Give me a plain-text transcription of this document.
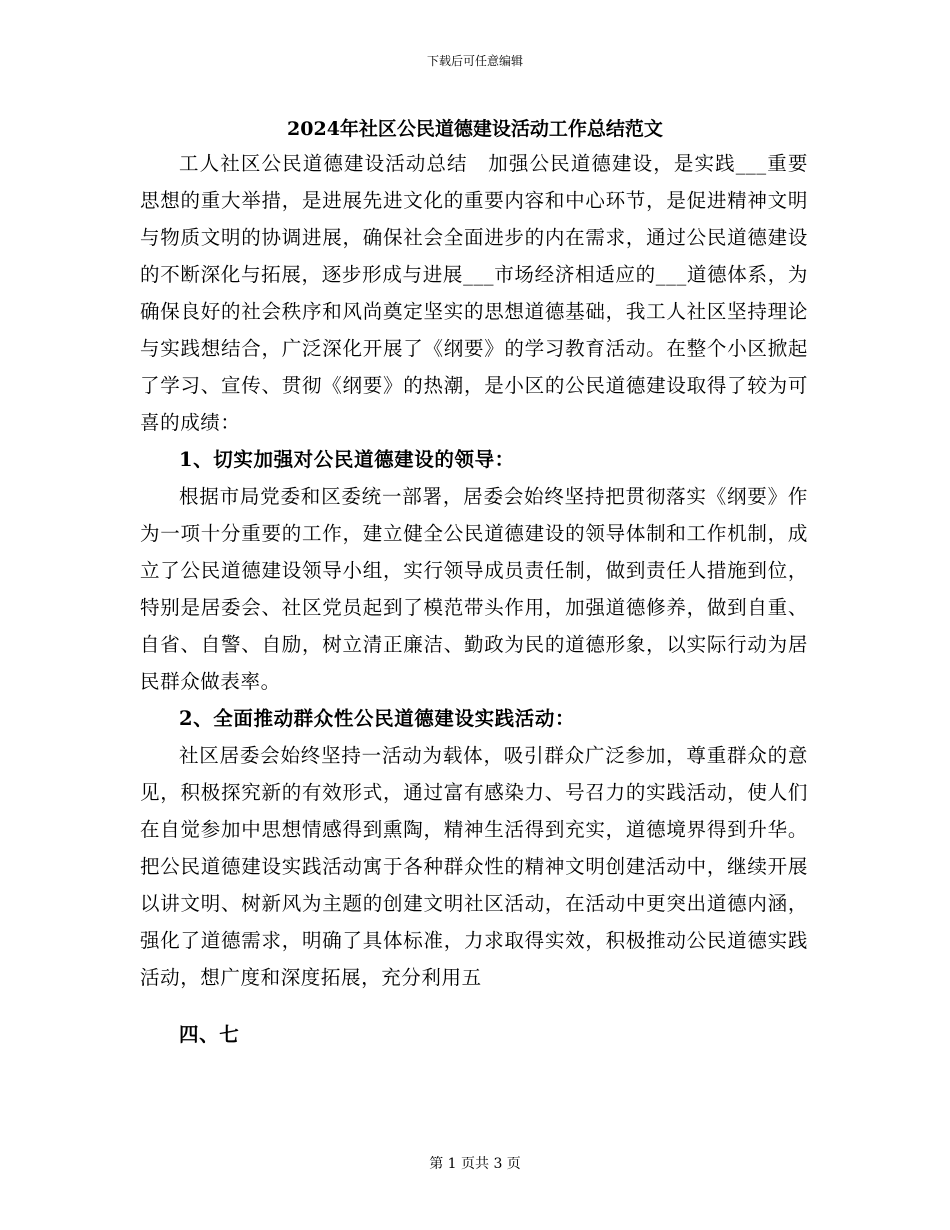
下载后可任意编辑
2024年社区公民道德建设活动工作总结范文

工人社区公民道德建设活动总结　加强公民道德建设，是实践___重要思想的重大举措，是进展先进文化的重要内容和中心环节，是促进精神文明与物质文明的协调进展，确保社会全面进步的内在需求，通过公民道德建设的不断深化与拓展，逐步形成与进展___市场经济相适应的___道德体系，为确保良好的社会秩序和风尚奠定坚实的思想道德基础，我工人社区坚持理论与实践想结合，广泛深化开展了《纲要》的学习教育活动。在整个小区掀起了学习、宣传、贯彻《纲要》的热潮，是小区的公民道德建设取得了较为可喜的成绩：

1、切实加强对公民道德建设的领导：

根据市局党委和区委统一部署，居委会始终坚持把贯彻落实《纲要》作为一项十分重要的工作，建立健全公民道德建设的领导体制和工作机制，成立了公民道德建设领导小组，实行领导成员责任制，做到责任人措施到位，特别是居委会、社区党员起到了模范带头作用，加强道德修养，做到自重、自省、自警、自励，树立清正廉洁、勤政为民的道德形象，以实际行动为居民群众做表率。

2、全面推动群众性公民道德建设实践活动：

社区居委会始终坚持一活动为载体，吸引群众广泛参加，尊重群众的意见，积极探究新的有效形式，通过富有感染力、号召力的实践活动，使人们在自觉参加中思想情感得到熏陶，精神生活得到充实，道德境界得到升华。把公民道德建设实践活动寓于各种群众性的精神文明创建活动中，继续开展以讲文明、树新风为主题的创建文明社区活动，在活动中更突出道德内涵，强化了道德需求，明确了具体标准，力求取得实效，积极推动公民道德实践活动，想广度和深度拓展，充分利用五

四、七
第 1 页共 3 页
